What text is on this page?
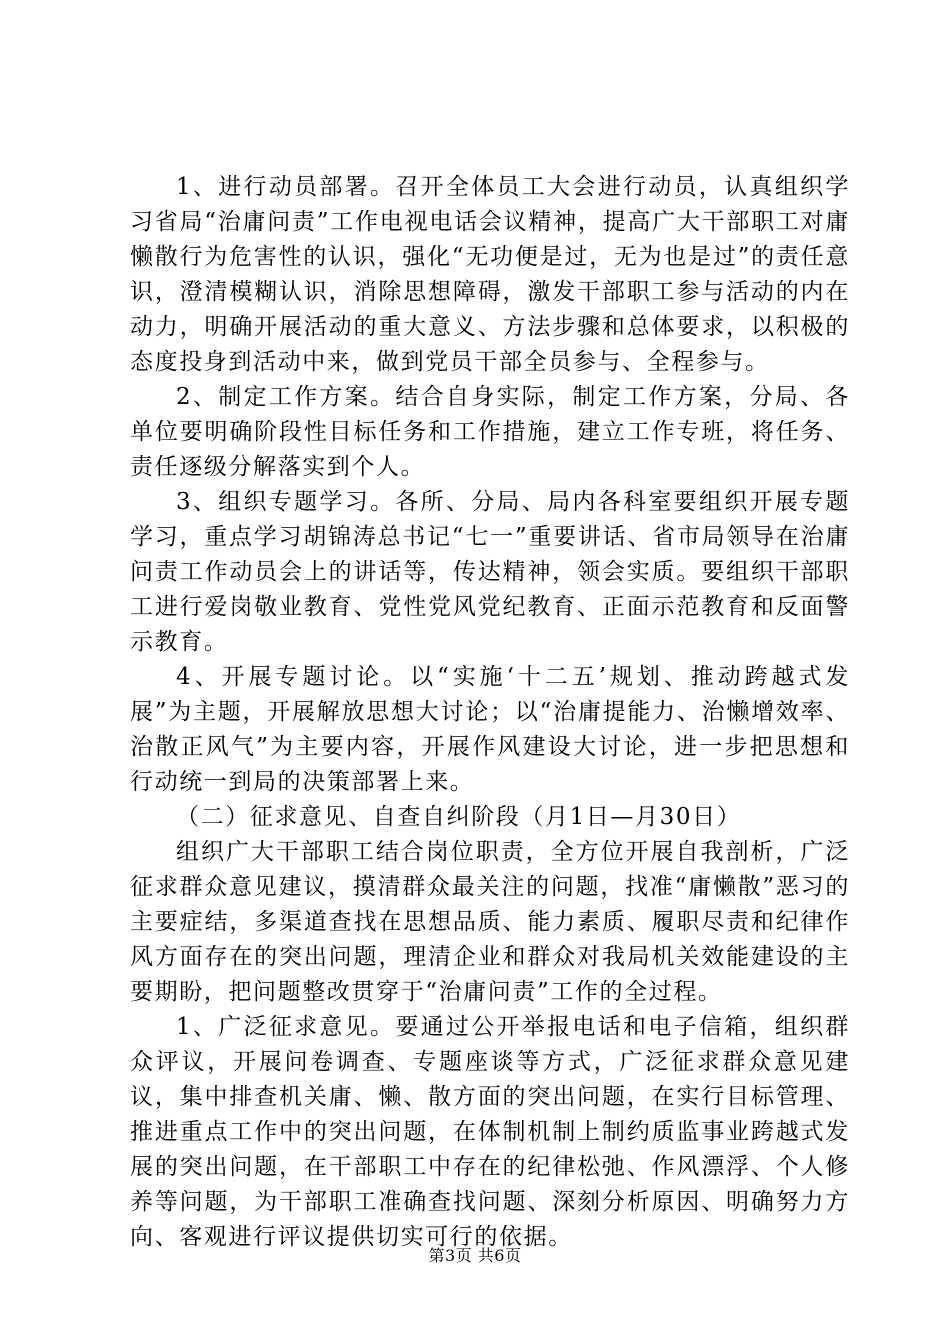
1、进行动员部署。召开全体员工大会进行动员，认真组织学习省局“治庸问责”工作电视电话会议精神，提高广大干部职工对庸懒散行为危害性的认识，强化“无功便是过，无为也是过”的责任意识，澄清模糊认识，消除思想障碍，激发干部职工参与活动的内在动力，明确开展活动的重大意义、方法步骤和总体要求，以积极的态度投身到活动中来，做到党员干部全员参与、全程参与。

2、制定工作方案。结合自身实际，制定工作方案，分局、各单位要明确阶段性目标任务和工作措施，建立工作专班，将任务、责任逐级分解落实到个人。

3、组织专题学习。各所、分局、局内各科室要组织开展专题学习，重点学习胡锦涛总书记“七一”重要讲话、省市局领导在治庸问责工作动员会上的讲话等，传达精神，领会实质。要组织干部职工进行爱岗敬业教育、党性党风党纪教育、正面示范教育和反面警示教育。

4、开展专题讨论。以“实施‘十二五’规划、推动跨越式发展”为主题，开展解放思想大讨论；以“治庸提能力、治懒增效率、治散正风气”为主要内容，开展作风建设大讨论，进一步把思想和行动统一到局的决策部署上来。

（二）征求意见、自查自纠阶段（月1日—月30日）

组织广大干部职工结合岗位职责，全方位开展自我剖析，广泛征求群众意见建议，摸清群众最关注的问题，找准“庸懒散”恶习的主要症结，多渠道查找在思想品质、能力素质、履职尽责和纪律作风方面存在的突出问题，理清企业和群众对我局机关效能建设的主要期盼，把问题整改贯穿于“治庸问责”工作的全过程。

1、广泛征求意见。要通过公开举报电话和电子信箱，组织群众评议，开展问卷调查、专题座谈等方式，广泛征求群众意见建议，集中排查机关庸、懒、散方面的突出问题，在实行目标管理、推进重点工作中的突出问题，在体制机制上制约质监事业跨越式发展的突出问题，在干部职工中存在的纪律松弛、作风漂浮、个人修养等问题，为干部职工准确查找问题、深刻分析原因、明确努力方向、客观进行评议提供切实可行的依据。

第3页 共6页
